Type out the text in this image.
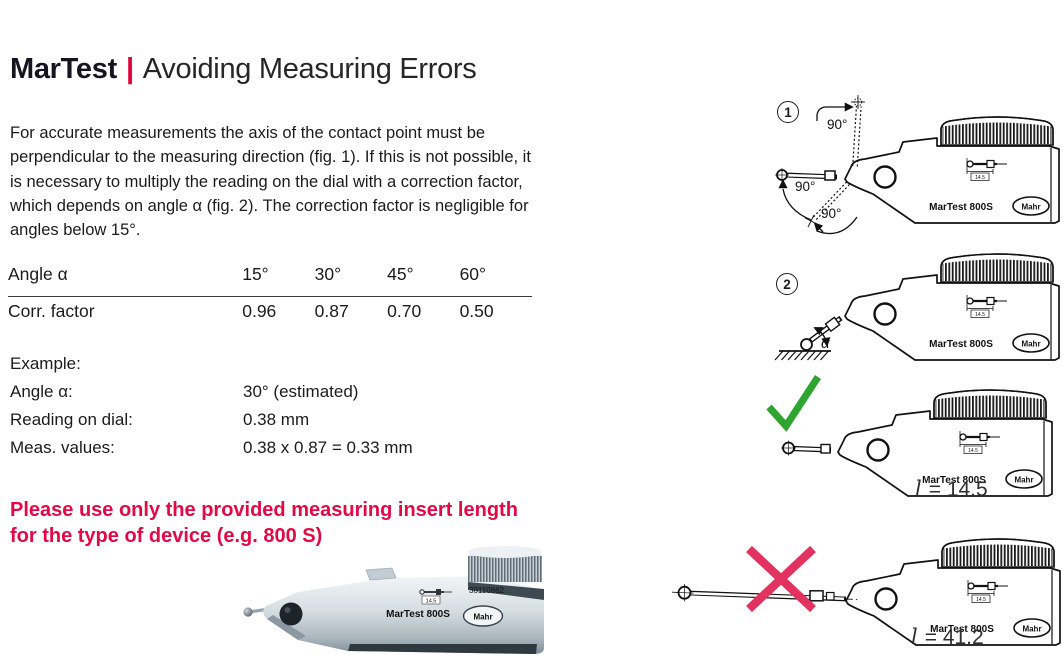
MarTest | Avoiding Measuring Errors
For accurate measurements the axis of the contact point must be
perpendicular to the measuring direction (fig. 1). If this is not possible, it
is necessary to multiply the reading on the dial with a correction factor,
which depends on angle α (fig. 2). The correction factor is negligible for
angles below 15°.
Angle α	15°	30°	45°	60°
Corr. factor	0.96	0.87	0.70	0.50
Example:
Angle α:	30° (estimated)
Reading on dial:	0.38 mm
Meas. values:	0.38 x 0.87 = 0.33 mm
Please use only the provided measuring insert length
for the type of device (e.g. 800 S)
14.5
30110862
MarTest 800S	Mahr
1
90°
90°
90°
2
α
l = 14.5
l = 41.2
